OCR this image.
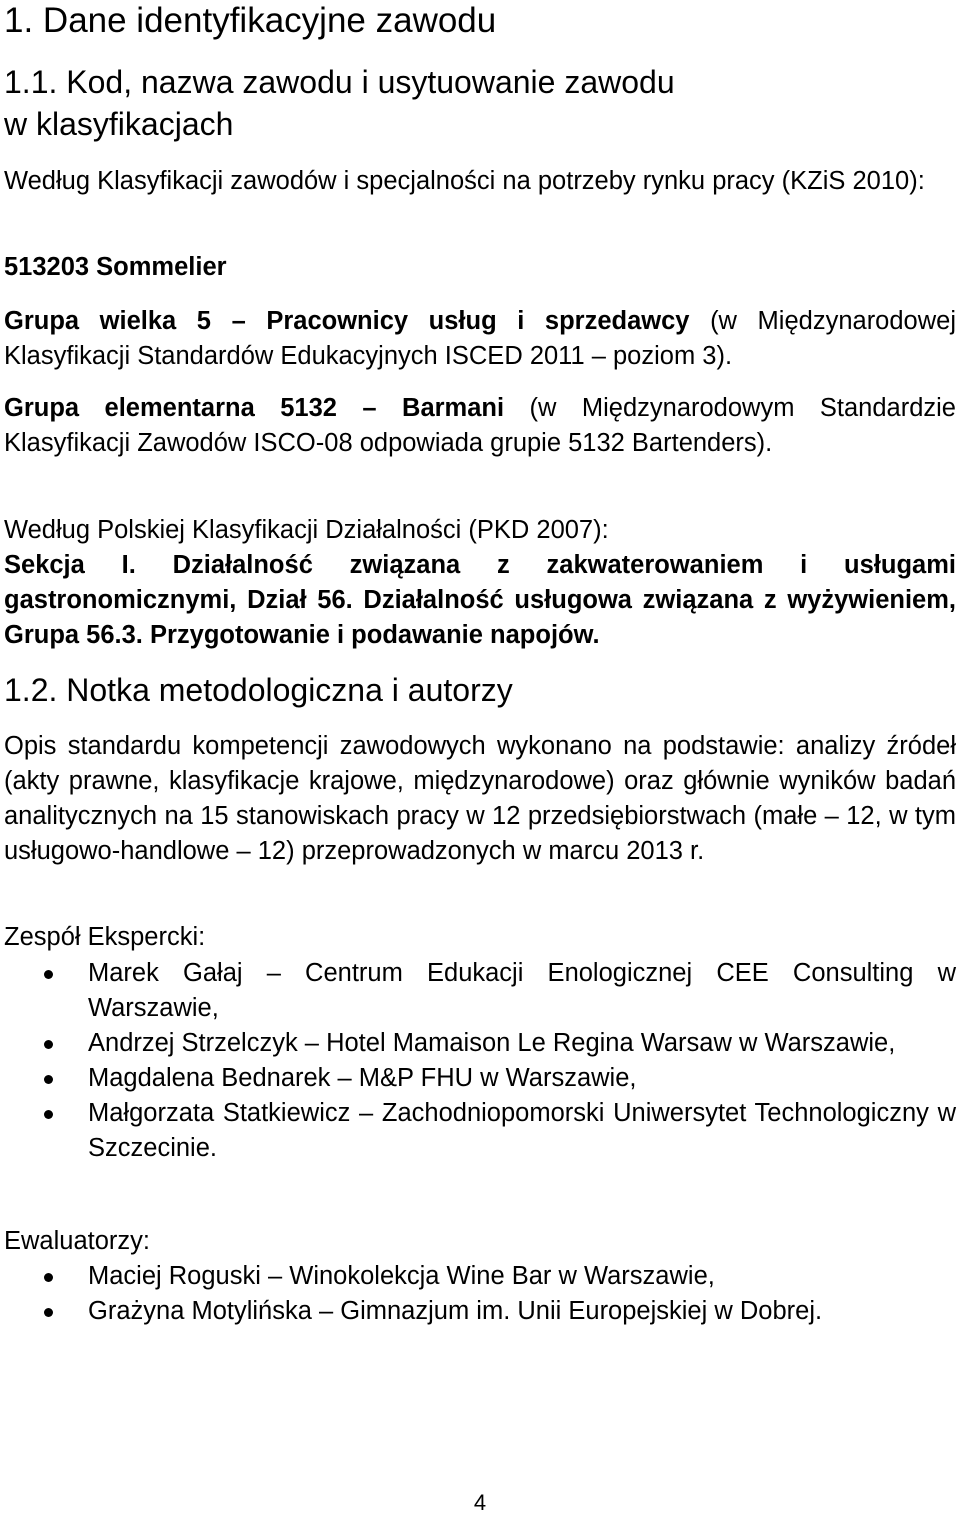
1. Dane identyfikacyjne zawodu
1.1. Kod, nazwa zawodu i usytuowanie zawodu
w klasyfikacjach

Według Klasyfikacji zawodów i specjalności na potrzeby rynku pracy (KZiS 2010):

513203 Sommelier

Grupa wielka 5 – Pracownicy usług i sprzedawcy (w Międzynarodowej Klasyfikacji Standardów Edukacyjnych ISCED 2011 – poziom 3).

Grupa elementarna 5132 – Barmani (w Międzynarodowym Standardzie Klasyfikacji Zawodów ISCO-08 odpowiada grupie 5132 Bartenders).

Według Polskiej Klasyfikacji Działalności (PKD 2007):

Sekcja I. Działalność związana z zakwaterowaniem i usługami gastronomicznymi, Dział 56. Działalność usługowa związana z wyżywieniem, Grupa 56.3. Przygotowanie i podawanie napojów.

1.2. Notka metodologiczna i autorzy

Opis standardu kompetencji zawodowych wykonano na podstawie: analizy źródeł (akty prawne, klasyfikacje krajowe, międzynarodowe) oraz głównie wyników badań analitycznych na 15 stanowiskach pracy w 12 przedsiębiorstwach (małe – 12, w tym usługowo-handlowe – 12) przeprowadzonych w marcu 2013 r.

Zespół Ekspercki:

Marek Gałaj – Centrum Edukacji Enologicznej CEE Consulting w Warszawie,
Andrzej Strzelczyk – Hotel Mamaison Le Regina Warsaw w Warszawie,
Magdalena Bednarek – M&P FHU w Warszawie,
Małgorzata Statkiewicz – Zachodniopomorski Uniwersytet Technologiczny w Szczecinie.

Ewaluatorzy:

Maciej Roguski – Winokolekcja Wine Bar w Warszawie,
Grażyna Motylińska – Gimnazjum im. Unii Europejskiej w Dobrej.
4
